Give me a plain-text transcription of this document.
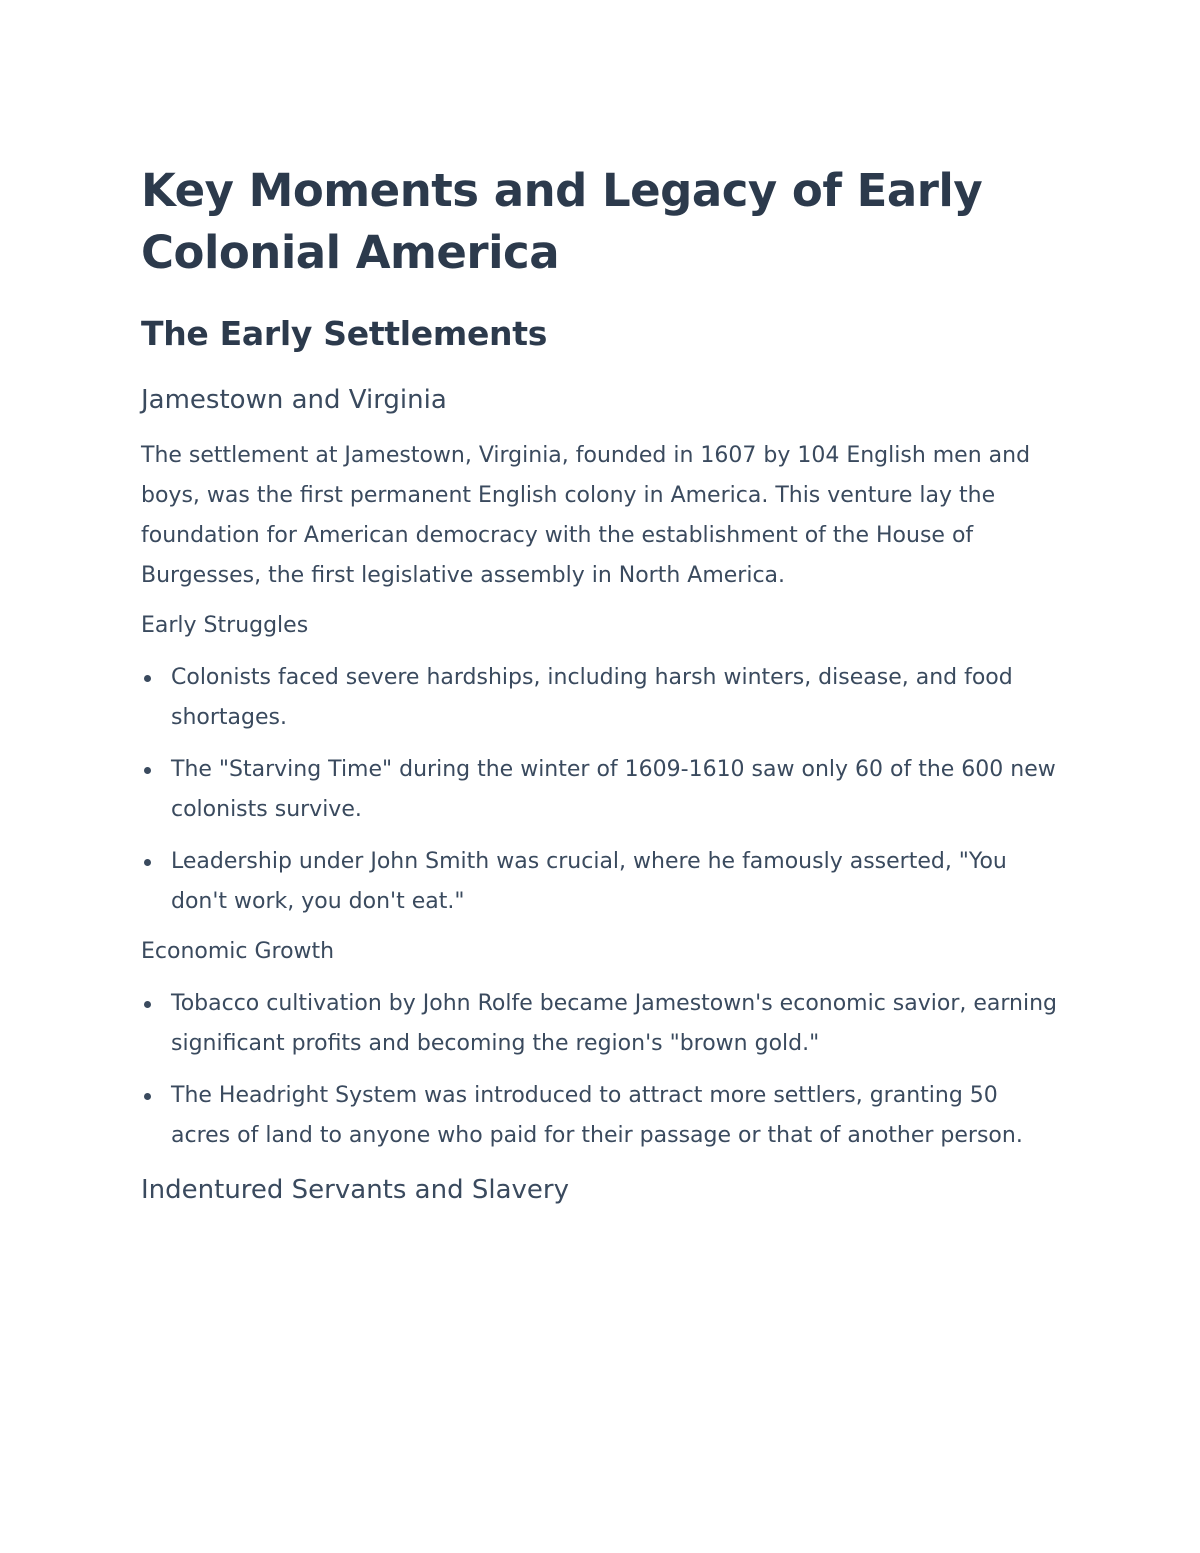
Key Moments and Legacy of Early Colonial America
The Early Settlements
Jamestown and Virginia

The settlement at Jamestown, Virginia, founded in 1607 by 104 English men and boys, was the first permanent English colony in America. This venture lay the foundation for American democracy with the establishment of the House of Burgesses, the first legislative assembly in North America.

Early Struggles
Colonists faced severe hardships, including harsh winters, disease, and food shortages.
The "Starving Time" during the winter of 1609-1610 saw only 60 of the 600 new colonists survive.
Leadership under John Smith was crucial, where he famously asserted, "You don't work, you don't eat."
Economic Growth
Tobacco cultivation by John Rolfe became Jamestown's economic savior, earning significant profits and becoming the region's "brown gold."
The Headright System was introduced to attract more settlers, granting 50 acres of land to anyone who paid for their passage or that of another person.
Indentured Servants and Slavery
